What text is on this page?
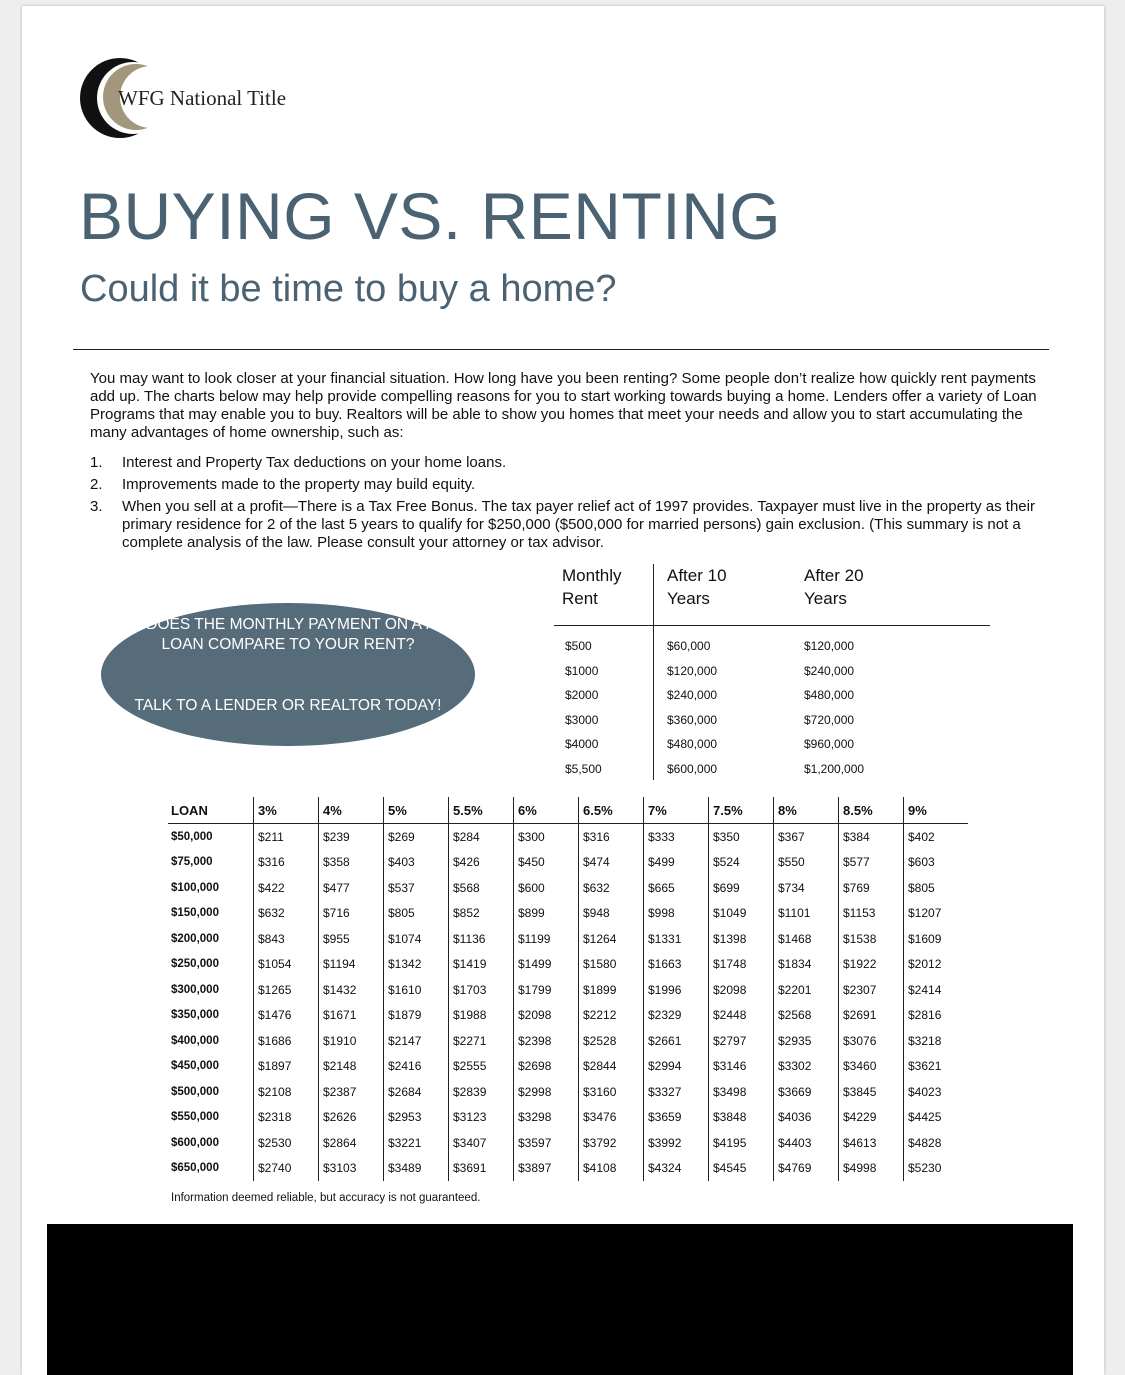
WFG National Title
BUYING VS. RENTING
Could it be time to buy a home?

You may want to look closer at your financial situation. How long have you been renting? Some people don’t realize how quickly rent payments add up. The charts below may help provide compelling reasons for you to start working towards buying a home. Lenders offer a variety of Loan Programs that may enable you to buy. Realtors will be able to show you homes that meet your needs and allow you to start accumulating the many advantages of home ownership, such as:

1. Interest and Property Tax deductions on your home loans.
2. Improvements made to the property may build equity.
3. When you sell at a profit—There is a Tax Free Bonus. The tax payer relief act of 1997 provides. Taxpayer must live in the property as their primary residence for 2 of the last 5 years to qualify for $250,000 ($500,000 for married persons) gain exclusion. (This summary is not a complete analysis of the law. Please consult your attorney or tax advisor.
HOW DOES THE MONTHLY PAYMENT ON A HOME LOAN COMPARE TO YOUR RENT?
TALK TO A LENDER OR REALTOR TODAY!
Monthly Rent
After 10 Years
After 20 Years
$500	$60,000	$120,000
$1000	$120,000	$240,000
$2000	$240,000	$480,000
$3000	$360,000	$720,000
$4000	$480,000	$960,000
$5,500	$600,000	$1,200,000
LOAN	3%	4%	5%	5.5%	6%	6.5%	7%	7.5%	8%	8.5%	9%
$50,000	$211	$239	$269	$284	$300	$316	$333	$350	$367	$384	$402
$75,000	$316	$358	$403	$426	$450	$474	$499	$524	$550	$577	$603
$100,000	$422	$477	$537	$568	$600	$632	$665	$699	$734	$769	$805
$150,000	$632	$716	$805	$852	$899	$948	$998	$1049	$1101	$1153	$1207
$200,000	$843	$955	$1074	$1136	$1199	$1264	$1331	$1398	$1468	$1538	$1609
$250,000	$1054	$1194	$1342	$1419	$1499	$1580	$1663	$1748	$1834	$1922	$2012
$300,000	$1265	$1432	$1610	$1703	$1799	$1899	$1996	$2098	$2201	$2307	$2414
$350,000	$1476	$1671	$1879	$1988	$2098	$2212	$2329	$2448	$2568	$2691	$2816
$400,000	$1686	$1910	$2147	$2271	$2398	$2528	$2661	$2797	$2935	$3076	$3218
$450,000	$1897	$2148	$2416	$2555	$2698	$2844	$2994	$3146	$3302	$3460	$3621
$500,000	$2108	$2387	$2684	$2839	$2998	$3160	$3327	$3498	$3669	$3845	$4023
$550,000	$2318	$2626	$2953	$3123	$3298	$3476	$3659	$3848	$4036	$4229	$4425
$600,000	$2530	$2864	$3221	$3407	$3597	$3792	$3992	$4195	$4403	$4613	$4828
$650,000	$2740	$3103	$3489	$3691	$3897	$4108	$4324	$4545	$4769	$4998	$5230
Information deemed reliable, but accuracy is not guaranteed.
